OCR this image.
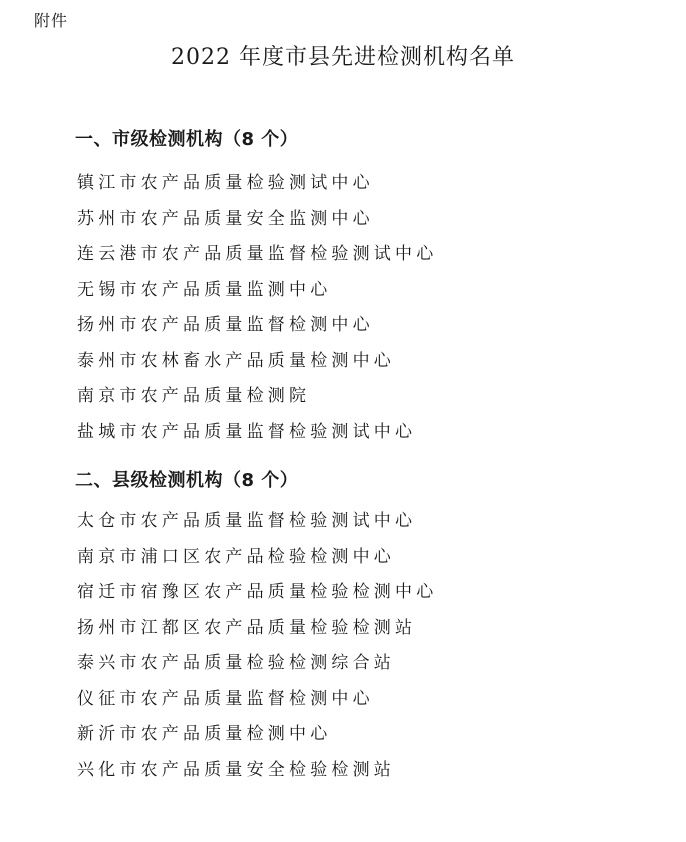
附件
2022 年度市县先进检测机构名单
一、市级检测机构（8 个）
镇江市农产品质量检验测试中心
苏州市农产品质量安全监测中心
连云港市农产品质量监督检验测试中心
无锡市农产品质量监测中心
扬州市农产品质量监督检测中心
泰州市农林畜水产品质量检测中心
南京市农产品质量检测院
盐城市农产品质量监督检验测试中心
二、县级检测机构（8 个）
太仓市农产品质量监督检验测试中心
南京市浦口区农产品检验检测中心
宿迁市宿豫区农产品质量检验检测中心
扬州市江都区农产品质量检验检测站
泰兴市农产品质量检验检测综合站
仪征市农产品质量监督检测中心
新沂市农产品质量检测中心
兴化市农产品质量安全检验检测站
